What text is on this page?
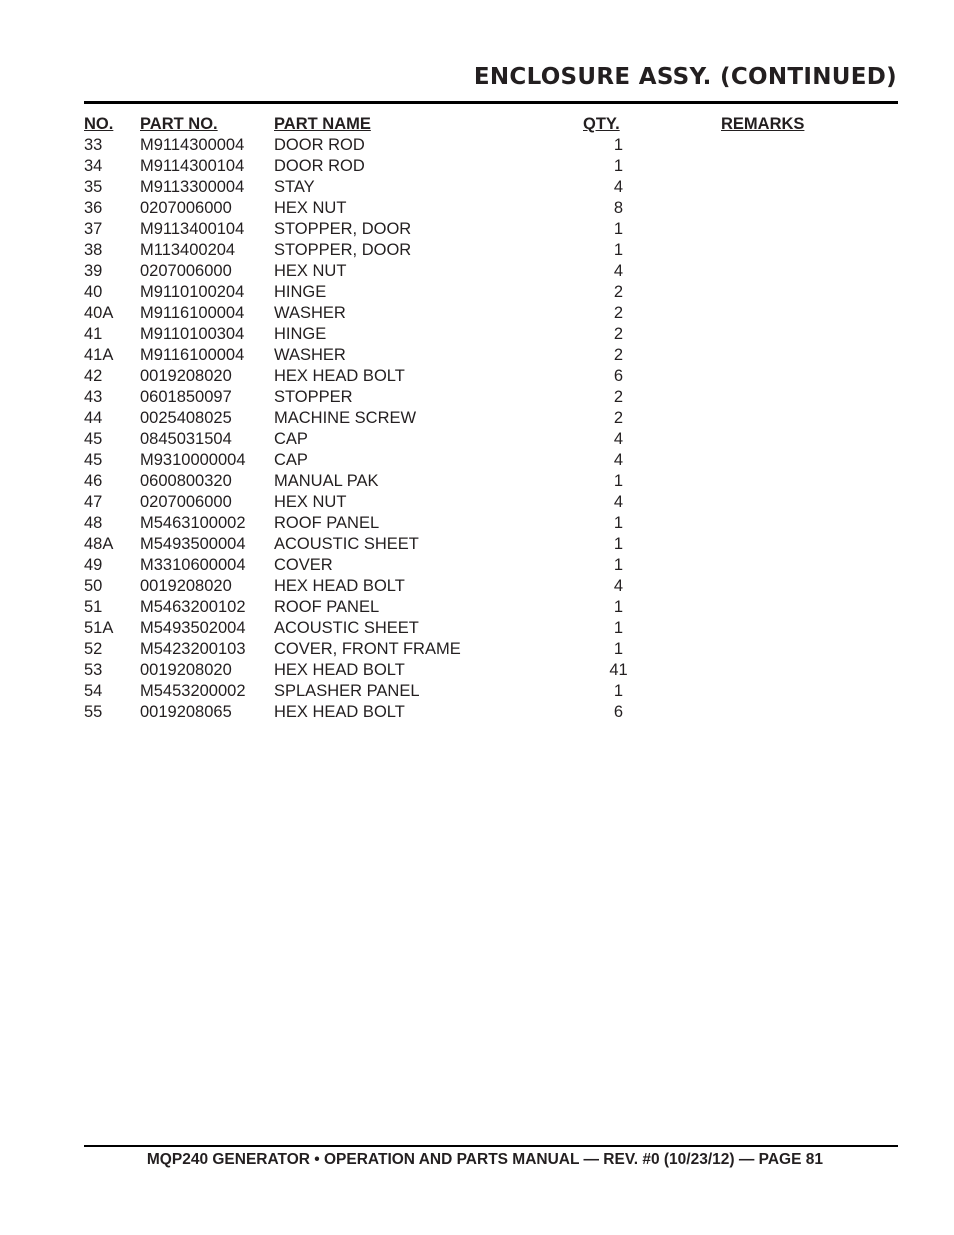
ENCLOSURE ASSY. (CONTINUED)
NO.	PART NO.	PART NAME	QTY.	REMARKS
33	M9114300004	DOOR ROD	1	
34	M9114300104	DOOR ROD	1	
35	M9113300004	STAY	4	
36	0207006000	HEX NUT	8	
37	M9113400104	STOPPER, DOOR	1	
38	M113400204	STOPPER, DOOR	1	
39	0207006000	HEX NUT	4	
40	M9110100204	HINGE	2	
40A	M9116100004	WASHER	2	
41	M9110100304	HINGE	2	
41A	M9116100004	WASHER	2	
42	0019208020	HEX HEAD BOLT	6	
43	0601850097	STOPPER	2	
44	0025408025	MACHINE SCREW	2	
45	0845031504	CAP	4	
45	M9310000004	CAP	4	
46	0600800320	MANUAL PAK	1	
47	0207006000	HEX NUT	4	
48	M5463100002	ROOF PANEL	1	
48A	M5493500004	ACOUSTIC SHEET	1	
49	M3310600004	COVER	1	
50	0019208020	HEX HEAD BOLT	4	
51	M5463200102	ROOF PANEL	1	
51A	M5493502004	ACOUSTIC SHEET	1	
52	M5423200103	COVER, FRONT FRAME	1	
53	0019208020	HEX HEAD BOLT	41	
54	M5453200002	SPLASHER PANEL	1	
55	0019208065	HEX HEAD BOLT	6	

MQP240 GENERATOR • OPERATION AND PARTS MANUAL — REV. #0 (10/23/12) — PAGE 81
